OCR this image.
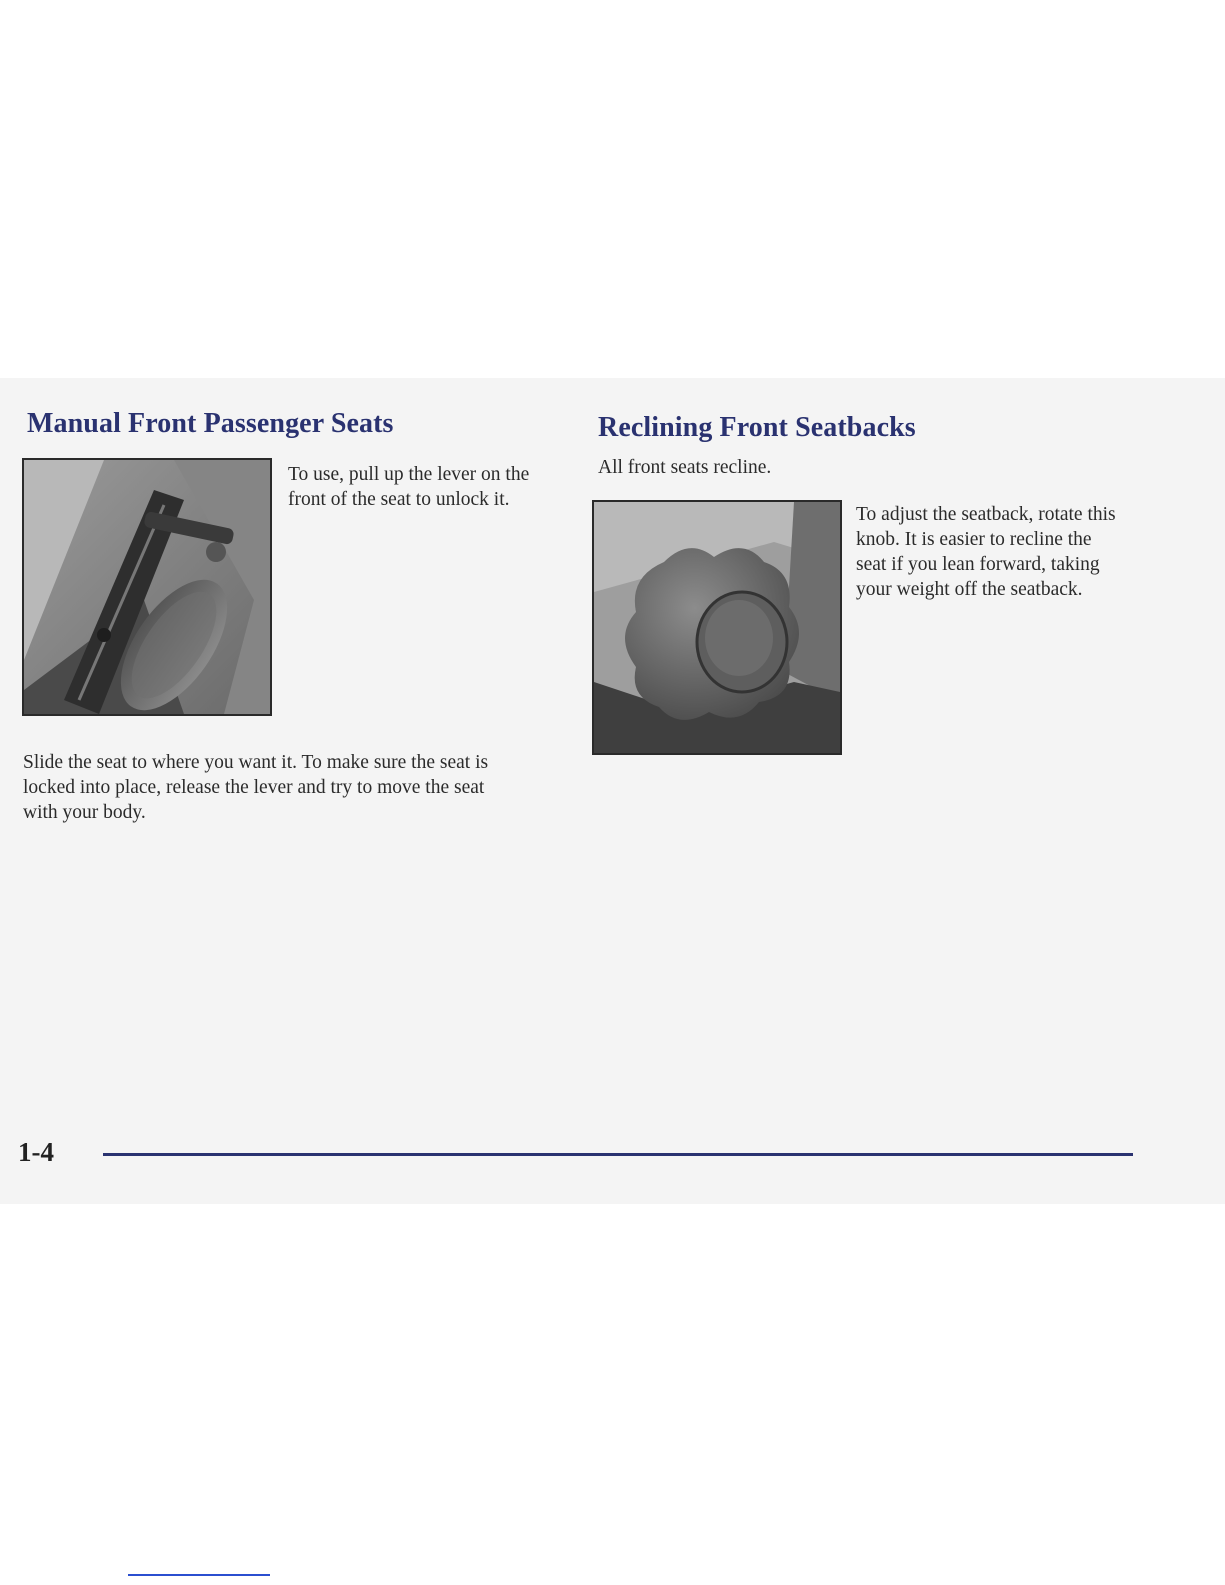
Manual Front Passenger Seats

To use, pull up the lever on the front of the seat to unlock it.

Slide the seat to where you want it. To make sure the seat is locked into place, release the lever and try to move the seat with your body.

Reclining Front Seatbacks

All front seats recline.

To adjust the seatback, rotate this knob. It is easier to recline the seat if you lean forward, taking your weight off the seatback.

1-4
